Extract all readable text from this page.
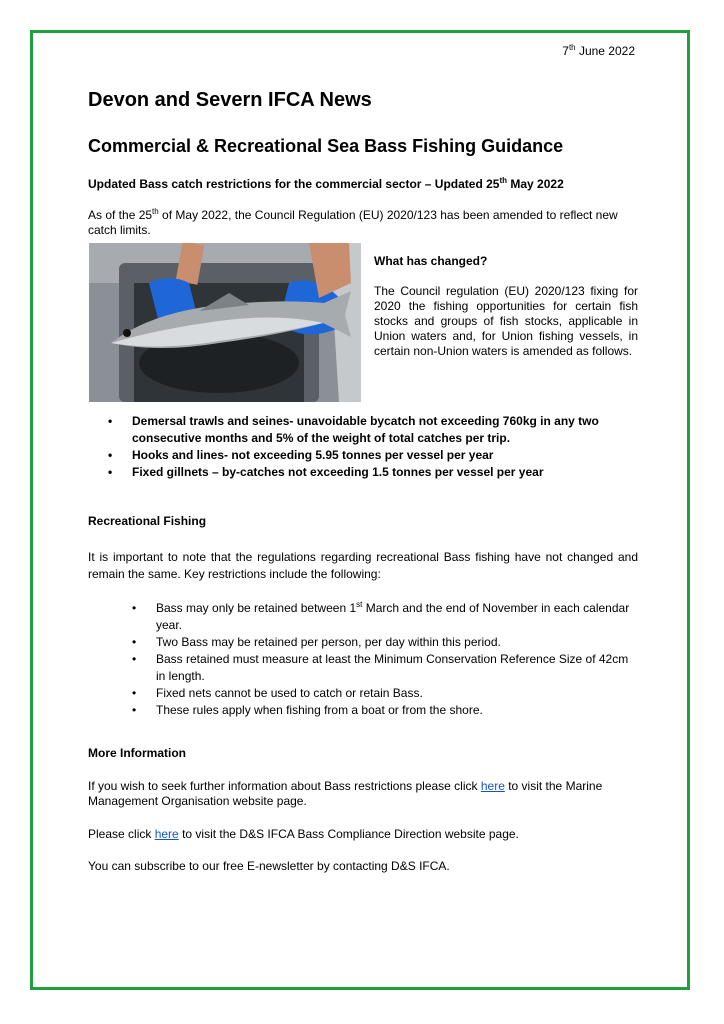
7th June 2022
Devon and Severn IFCA News
Commercial & Recreational Sea Bass Fishing Guidance
Updated Bass catch restrictions for the commercial sector – Updated 25th May 2022

As of the 25th of May 2022, the Council Regulation (EU) 2020/123 has been amended to reflect new catch limits.

What has changed?

The Council regulation (EU) 2020/123 fixing for 2020 the fishing opportunities for certain fish stocks and groups of fish stocks, applicable in Union waters and, for Union fishing vessels, in certain non-Union waters is amended as follows.

• Demersal trawls and seines- unavoidable bycatch not exceeding 760kg in any two consecutive months and 5% of the weight of total catches per trip.
• Hooks and lines- not exceeding 5.95 tonnes per vessel per year
• Fixed gillnets – by-catches not exceeding 1.5 tonnes per vessel per year
Recreational Fishing

It is important to note that the regulations regarding recreational Bass fishing have not changed and remain the same. Key restrictions include the following:

• Bass may only be retained between 1st March and the end of November in each calendar year.
• Two Bass may be retained per person, per day within this period.
• Bass retained must measure at least the Minimum Conservation Reference Size of 42cm in length.
• Fixed nets cannot be used to catch or retain Bass.
• These rules apply when fishing from a boat or from the shore.
More Information

If you wish to seek further information about Bass restrictions please click here to visit the Marine Management Organisation website page.

Please click here to visit the D&S IFCA Bass Compliance Direction website page.

You can subscribe to our free E-newsletter by contacting D&S IFCA.
